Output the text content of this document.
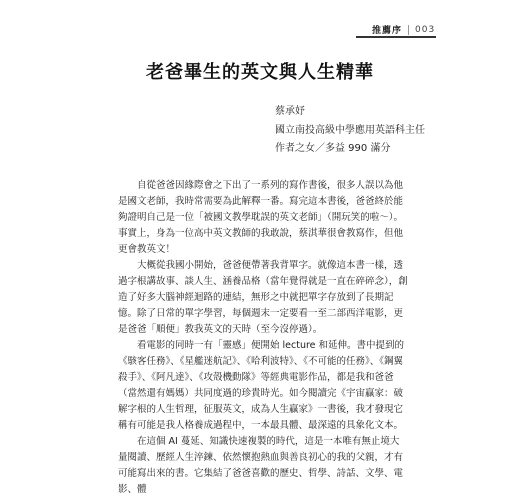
推薦序 003
老爸畢生的英文與人生精華
蔡承妤
國立南投高級中學應用英語科主任
作者之女／多益 990 滿分

自從爸爸因緣際會之下出了一系列的寫作書後，很多人誤以為他是國文老師，我時常需要為此解釋一番。寫完這本書後，爸爸終於能夠證明自己是一位「被國文教學耽誤的英文老師」（開玩笑的啦～）。事實上，身為一位高中英文教師的我敢說，蔡淇華很會教寫作，但他更會教英文！

大概從我國小開始，爸爸便帶著我背單字。就像這本書一樣，透過字根講故事、談人生、涵養品格（當年覺得就是一直在碎碎念），創造了好多大腦神經迴路的連結，無形之中就把單字存放到了長期記憶。除了日常的單字學習，每個週末一定要看一至二部西洋電影，更是爸爸「順便」教我英文的天時（至今沒停過）。

看電影的同時一有「靈感」便開始 lecture 和延伸。書中提到的《駭客任務》、《星艦迷航記》、《哈利波特》、《不可能的任務》、《鋼翼殺手》、《阿凡達》、《攻殼機動隊》等經典電影作品，都是我和爸爸（當然還有媽媽）共同度過的珍貴時光。如今閱讀完《宇宙贏家：破解字根的人生哲理，征服英文，成為人生贏家》一書後，我才發現它稱有可能是我人格養成過程中，一本最具體、最深遠的具象化文本。

在這個 AI 蔓延、知識快速複製的時代，這是一本唯有無止境大量閱讀、歷經人生淬鍊、依然懷抱熱血與善良初心的我的父親，才有可能寫出來的書。它集結了爸爸喜歡的歷史、哲學、詩話、文學、電影、體
